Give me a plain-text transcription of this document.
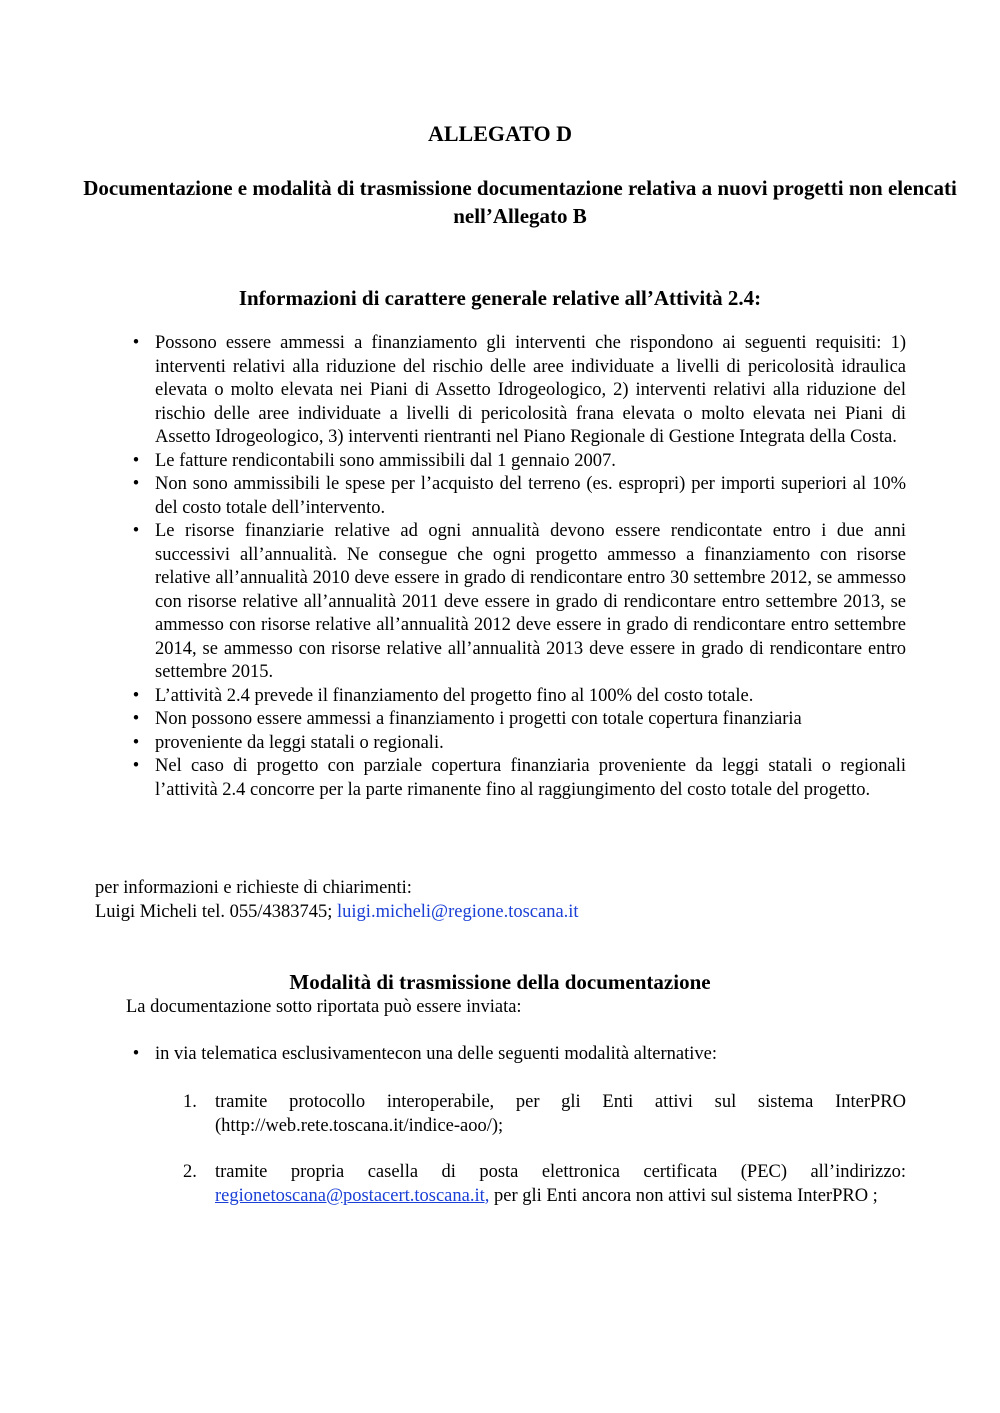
ALLEGATO D
Documentazione e modalità di trasmissione documentazione relativa a nuovi progetti non elencati nell’Allegato B
Informazioni di carattere generale relative all’Attività 2.4:
• Possono essere ammessi a finanziamento gli interventi che rispondono ai seguenti requisiti: 1) interventi relativi alla riduzione del rischio delle aree individuate a livelli di pericolosità idraulica elevata o molto elevata nei Piani di Assetto Idrogeologico, 2) interventi relativi alla riduzione del rischio delle aree individuate a livelli di pericolosità frana elevata o molto elevata nei Piani di Assetto Idrogeologico, 3) interventi rientranti nel Piano Regionale di Gestione Integrata della Costa.
• Le fatture rendicontabili sono ammissibili dal 1 gennaio 2007.
• Non sono ammissibili le spese per l’acquisto del terreno (es. espropri) per importi superiori al 10% del costo totale dell’intervento.
• Le risorse finanziarie relative ad ogni annualità devono essere rendicontate entro i due anni successivi all’annualità. Ne consegue che ogni progetto ammesso a finanziamento con risorse relative all’annualità 2010 deve essere in grado di rendicontare entro 30 settembre 2012, se ammesso con risorse relative all’annualità 2011 deve essere in grado di rendicontare entro settembre 2013, se ammesso con risorse relative all’annualità 2012 deve essere in grado di rendicontare entro settembre 2014, se ammesso con risorse relative all’annualità 2013 deve essere in grado di rendicontare entro settembre 2015.
• L’attività 2.4 prevede il finanziamento del progetto fino al 100% del costo totale.
• Non possono essere ammessi a finanziamento i progetti con totale copertura finanziaria
• proveniente da leggi statali o regionali.
• Nel caso di progetto con parziale copertura finanziaria proveniente da leggi statali o regionali l’attività 2.4 concorre per la parte rimanente fino al raggiungimento del costo totale del progetto.
per informazioni e richieste di chiarimenti:
Luigi Micheli tel. 055/4383745; luigi.micheli@regione.toscana.it
Modalità di trasmissione della documentazione
La documentazione sotto riportata può essere inviata:
• in via telematica esclusivamentecon una delle seguenti modalità alternative:
1. tramite protocollo interoperabile, per gli Enti attivi sul sistema InterPRO (http://web.rete.toscana.it/indice-aoo/);
2. tramite propria casella di posta elettronica certificata (PEC) all’indirizzo: regionetoscana@postacert.toscana.it, per gli Enti ancora non attivi sul sistema InterPRO ;
